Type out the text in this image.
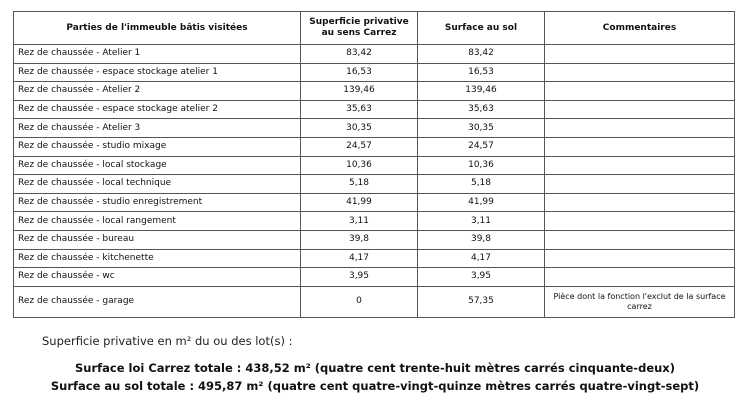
Parties de l'immeuble bâtis visitées	Superficie privative au sens Carrez	Surface au sol	Commentaires
Rez de chaussée - Atelier 1	83,42	83,42	
Rez de chaussée - espace stockage atelier 1	16,53	16,53	
Rez de chaussée - Atelier 2	139,46	139,46	
Rez de chaussée - espace stockage atelier 2	35,63	35,63	
Rez de chaussée - Atelier 3	30,35	30,35	
Rez de chaussée - studio mixage	24,57	24,57	
Rez de chaussée - local stockage	10,36	10,36	
Rez de chaussée - local technique	5,18	5,18	
Rez de chaussée - studio enregistrement	41,99	41,99	
Rez de chaussée - local rangement	3,11	3,11	
Rez de chaussée - bureau	39,8	39,8	
Rez de chaussée - kitchenette	4,17	4,17	
Rez de chaussée - wc	3,95	3,95	
Rez de chaussée - garage	0	57,35	Pièce dont la fonction l'exclut de la surface carrez
Superficie privative en m² du ou des lot(s) :
Surface loi Carrez totale : 438,52 m² (quatre cent trente-huit mètres carrés cinquante-deux)
Surface au sol totale : 495,87 m² (quatre cent quatre-vingt-quinze mètres carrés quatre-vingt-sept)
